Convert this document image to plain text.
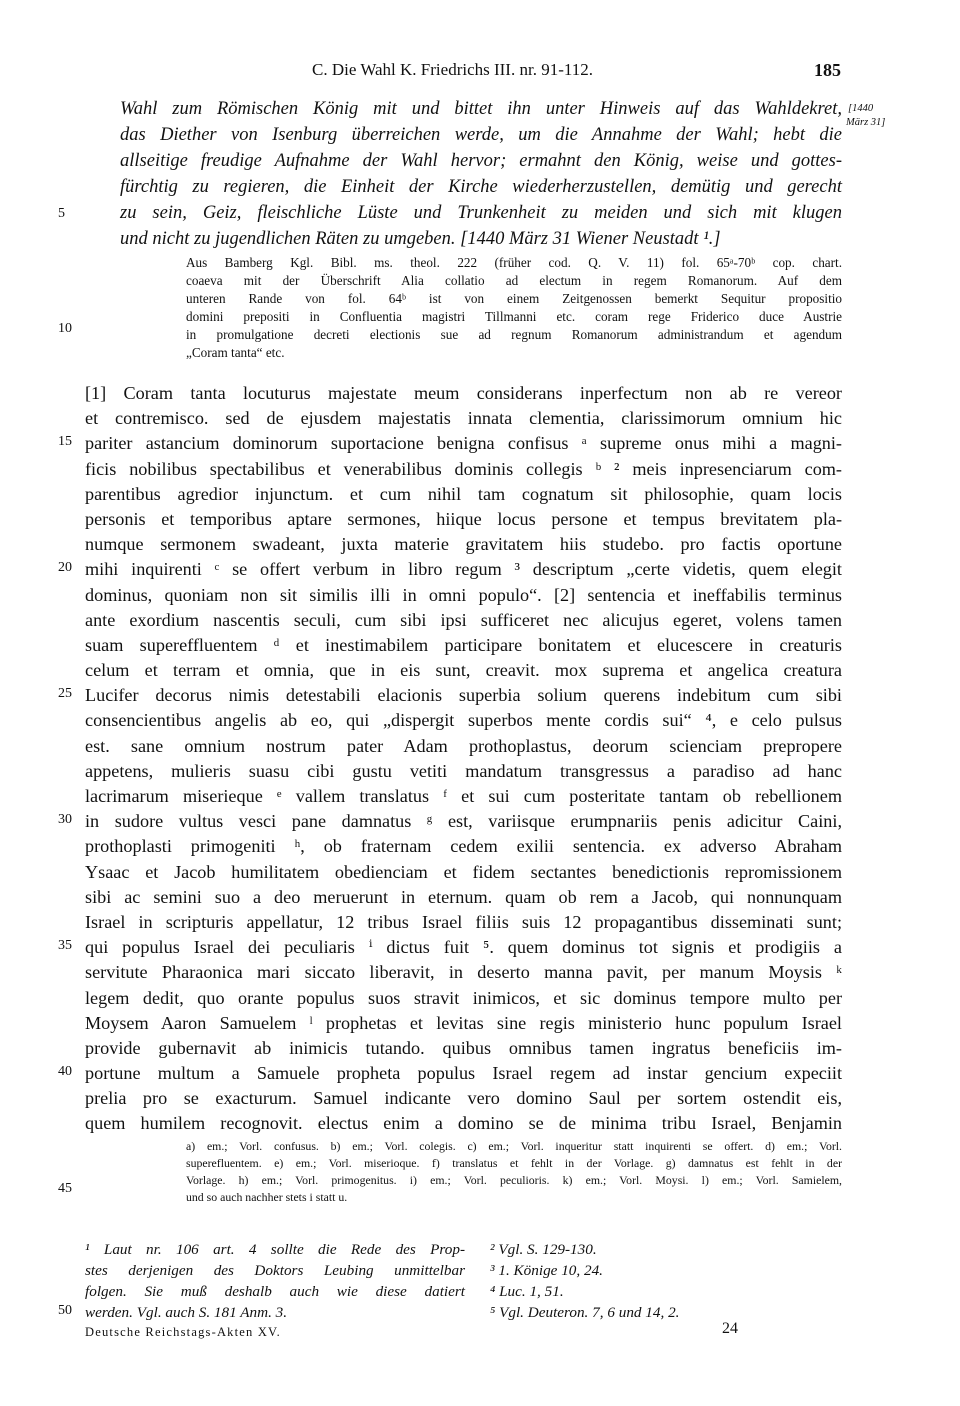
C. Die Wahl K. Friedrichs III. nr. 91-112.	185
Wahl zum Römischen König mit und bittet ihn unter Hinweis auf das Wahldekret,
das Diether von Isenburg überreichen werde, um die Annahme der Wahl; hebt die
allseitige freudige Aufnahme der Wahl hervor; ermahnt den König, weise und gottes-
fürchtig zu regieren, die Einheit der Kirche wiederherzustellen, demütig und gerecht
zu sein, Geiz, fleischliche Lüste und Trunkenheit zu meiden und sich mit klugen
und nicht zu jugendlichen Räten zu umgeben. [1440 März 31 Wiener Neustadt ¹.]
[1440
März 31]
Aus Bamberg Kgl. Bibl. ms. theol. 222 (früher cod. Q. V. 11) fol. 65ᵃ-70ᵇ cop. chart.
coaeva mit der Überschrift Alia collatio ad electum in regem Romanorum. Auf dem
unteren Rande von fol. 64ᵇ ist von einem Zeitgenossen bemerkt Sequitur propositio
domini prepositi in Confluentia magistri Tillmanni etc. coram rege Friderico duce Austrie
in promulgatione decreti electionis sue ad regnum Romanorum administrandum et agendum
„Coram tanta“ etc.
[1] Coram tanta locuturus majestate meum considerans inperfectum non ab re vereor
et contremisco. sed de ejusdem majestatis innata clementia, clarissimorum omnium hic
pariter astancium dominorum suportacione benigna confisus ᵃ supreme onus mihi a magni-
ficis nobilibus spectabilibus et venerabilibus dominis collegis ᵇ ² meis inpresenciarum com-
parentibus agredior injunctum. et cum nihil tam cognatum sit philosophie, quam locis
personis et temporibus aptare sermones, hiique locus persone et tempus brevitatem pla-
numque sermonem swadeant, juxta materie gravitatem hiis studebo. pro factis oportune
mihi inquirenti ᶜ se offert verbum in libro regum ³ descriptum „certe videtis, quem elegit
dominus, quoniam non sit similis illi in omni populo“. [2] sentencia et ineffabilis terminus
ante exordium nascentis seculi, cum sibi ipsi sufficeret nec alicujus egeret, volens tamen
suam supereffluentem ᵈ et inestimabilem participare bonitatem et elucescere in creaturis
celum et terram et omnia, que in eis sunt, creavit. mox suprema et angelica creatura
Lucifer decorus nimis detestabili elacionis superbia solium querens indebitum cum sibi
consencientibus angelis ab eo, qui „dispergit superbos mente cordis sui“ ⁴, e celo pulsus
est. sane omnium nostrum pater Adam prothoplastus, deorum scienciam prepropere
appetens, mulieris suasu cibi gustu vetiti mandatum transgressus a paradiso ad hanc
lacrimarum miserieque ᵉ vallem translatus ᶠ et sui cum posteritate tantam ob rebellionem
in sudore vultus vesci pane damnatus ᵍ est, variisque erumpnariis penis adicitur Caini,
prothoplasti primogeniti ʰ, ob fraternam cedem exilii sentencia. ex adverso Abraham
Ysaac et Jacob humilitatem obedienciam et fidem sectantes benedictionis repromissionem
sibi ac semini suo a deo meruerunt in eternum. quam ob rem a Jacob, qui nonnunquam
Israel in scripturis appellatur, 12 tribus Israel filiis suis 12 propagantibus disseminati sunt;
qui populus Israel dei peculiaris ⁱ dictus fuit ⁵. quem dominus tot signis et prodigiis a
servitute Pharaonica mari siccato liberavit, in deserto manna pavit, per manum Moysis ᵏ
legem dedit, quo orante populus suos stravit inimicos, et sic dominus tempore multo per
Moysem Aaron Samuelem ˡ prophetas et levitas sine regis ministerio hunc populum Israel
provide gubernavit ab inimicis tutando. quibus omnibus tamen ingratus beneficiis im-
portune multum a Samuele propheta populus Israel regem ad instar gencium expeciit
prelia pro se exacturum. Samuel indicante vero domino Saul per sortem ostendit eis,
quem humilem recognovit. electus enim a domino se de minima tribu Israel, Benjamin
a) em.; Vorl. confusus. b) em.; Vorl. colegis. c) em.; Vorl. inqueritur statt inquirenti se offert. d) em.; Vorl.
superefluentem. e) em.; Vorl. miserioque. f) translatus et fehlt in der Vorlage. g) damnatus est fehlt in der
Vorlage. h) em.; Vorl. primogenitus. i) em.; Vorl. peculioris. k) em.; Vorl. Moysi. l) em.; Vorl. Samielem,
und so auch nachher stets i statt u.
¹ Laut nr. 106 art. 4 sollte die Rede des Prop-
stes derjenigen des Doktors Leubing unmittelbar
folgen. Sie muß deshalb auch wie diese datiert
werden. Vgl. auch S. 181 Anm. 3.
² Vgl. S. 129-130.
³ 1. Könige 10, 24.
⁴ Luc. 1, 51.
⁵ Vgl. Deuteron. 7, 6 und 14, 2.
Deutsche Reichstags-Akten XV.	24
5
10
15
20
25
30
35
40
45
50
